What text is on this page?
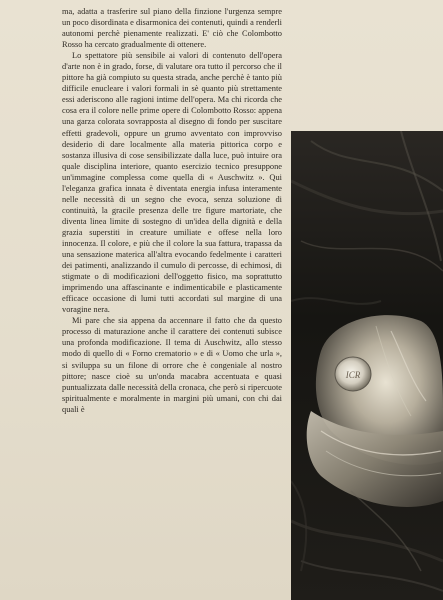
ma, adatta a trasferire sul piano della finzione l'urgenza sempre un poco disordinata e disarmonica dei contenuti, quindi a renderli autonomi perchè pienamente realizzati. E' ciò che Colombotto Rosso ha cercato gradualmente di ottenere.

Lo spettatore più sensibile ai valori di contenuto dell'opera d'arte non è in grado, forse, di valutare ora tutto il percorso che il pittore ha già compiuto su questa strada, anche perchè è tanto più difficile enucleare i valori formali in sè quanto più strettamente essi aderiscono alle ragioni intime dell'opera. Ma chi ricorda che cosa era il colore nelle prime opere di Colombotto Rosso: appena una garza colorata sovrapposta al disegno di fondo per suscitare effetti gradevoli, oppure un grumo avventato con improvviso desiderio di dare localmente alla materia pittorica corpo e sostanza illusiva di cose sensibilizzate dalla luce, può intuire ora quale disciplina interiore, quanto esercizio tecnico presuppone un'immagine complessa come quella di « Auschwitz ». Qui l'eleganza grafica innata è diventata energia infusa interamente nelle necessità di un segno che evoca, senza soluzione di continuità, la gracile presenza delle tre figure martoriate, che diventa linea limite di sostegno di un'idea della dignità e della grazia superstiti in creature umiliate e offese nella loro innocenza. Il colore, e più che il colore la sua fattura, trapassa da una sensazione materica all'altra evocando fedelmente i caratteri dei patimenti, analizzando il cumulo di percosse, di echimosi, di stigmate o di modificazioni dell'oggetto fisico, ma soprattutto imprimendo una affascinante e indimenticabile e plasticamente efficace occasione di lumi tutti accordati sul margine di una voragine nera.

Mi pare che sia appena da accennare il fatto che da questo processo di maturazione anche il carattere dei contenuti subisce una profonda modificazione. Il tema di Auschwitz, allo stesso modo di quello di « Forno crematorio » e di « Uomo che urla », si sviluppa su un filone di orrore che è congeniale al nostro pittore; nasce cioè su un'onda macabra accentuata e quasi puntualizzata dalle necessità della cronaca, che però si ripercuote spiritualmente e moralmente in margini più umani, con chi dai quali è

ICR
